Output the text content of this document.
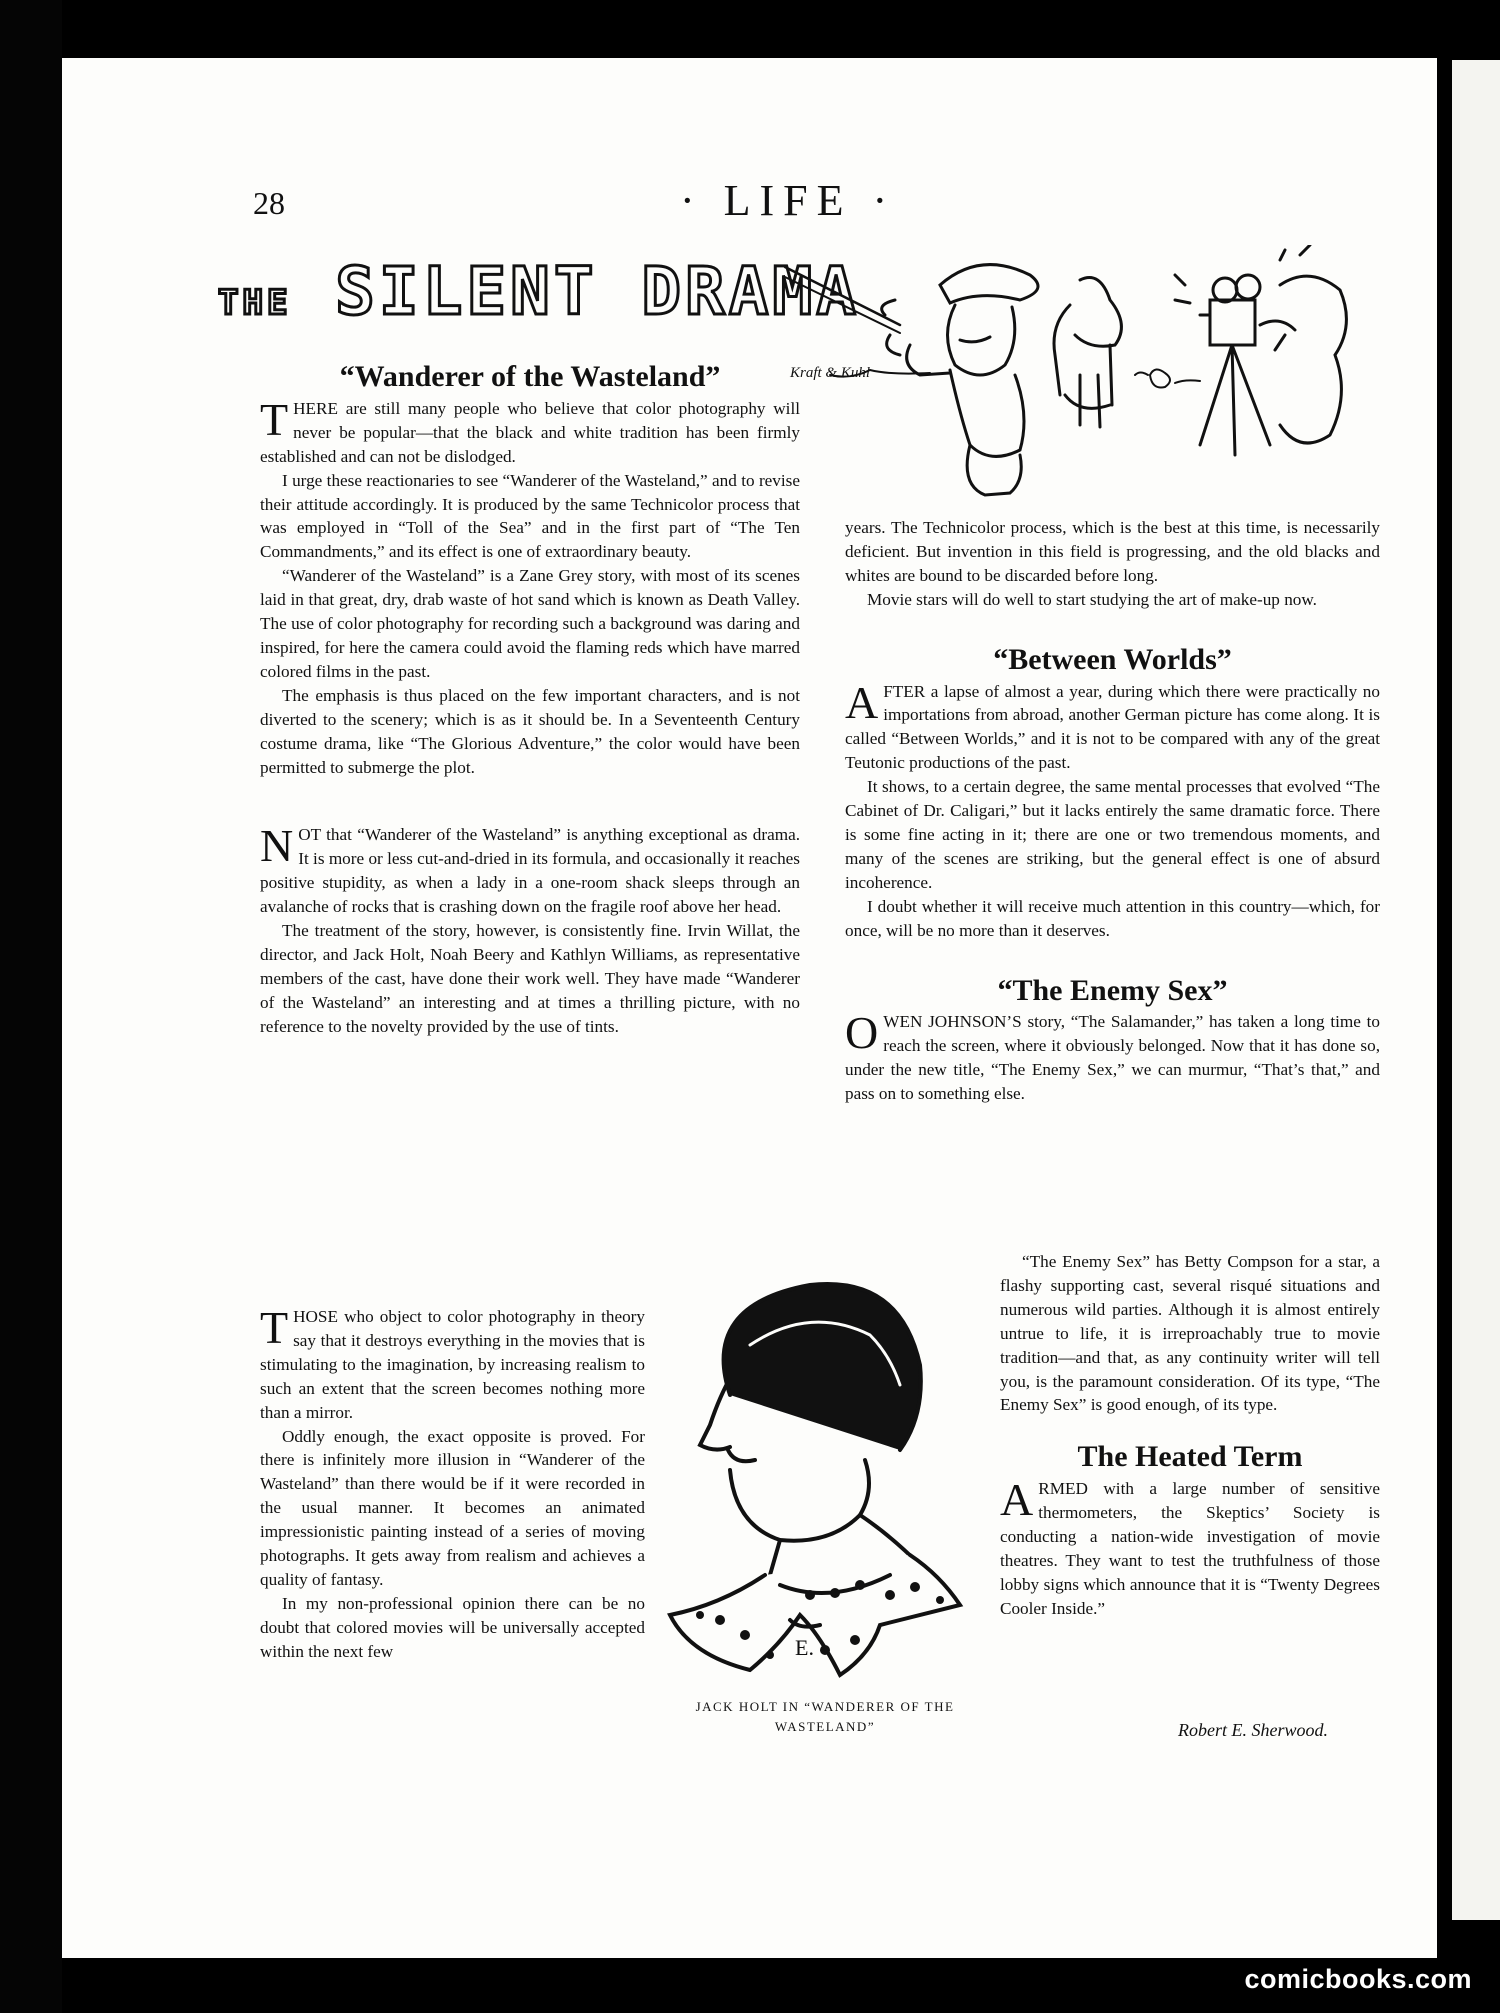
28	· LIFE ·
THE SILENT DRAMA
Kraft & Kuhl
“Wanderer of the Wasteland”

THERE are still many people who believe that color photography will never be popular—that the black and white tradition has been firmly established and can not be dislodged.

I urge these reactionaries to see “Wanderer of the Wasteland,” and to revise their attitude accordingly. It is produced by the same Technicolor process that was employed in “Toll of the Sea” and in the first part of “The Ten Commandments,” and its effect is one of extraordinary beauty.

“Wanderer of the Wasteland” is a Zane Grey story, with most of its scenes laid in that great, dry, drab waste of hot sand which is known as Death Valley. The use of color photography for recording such a background was daring and inspired, for here the camera could avoid the flaming reds which have marred colored films in the past.

The emphasis is thus placed on the few important characters, and is not diverted to the scenery; which is as it should be. In a Seventeenth Century costume drama, like “The Glorious Adventure,” the color would have been permitted to submerge the plot.

NOT that “Wanderer of the Wasteland” is anything exceptional as drama. It is more or less cut-and-dried in its formula, and occasionally it reaches positive stupidity, as when a lady in a one-room shack sleeps through an avalanche of rocks that is crashing down on the fragile roof above her head.

The treatment of the story, however, is consistently fine. Irvin Willat, the director, and Jack Holt, Noah Beery and Kathlyn Williams, as representative members of the cast, have done their work well. They have made “Wanderer of the Wasteland” an interesting and at times a thrilling picture, with no reference to the novelty provided by the use of tints.

THOSE who object to color photography in theory say that it destroys everything in the movies that is stimulating to the imagination, by increasing realism to such an extent that the screen becomes nothing more than a mirror.

Oddly enough, the exact opposite is proved. For there is infinitely more illusion in “Wanderer of the Wasteland” than there would be if it were recorded in the usual manner. It becomes an animated impressionistic painting instead of a series of moving photographs. It gets away from realism and achieves a quality of fantasy.

In my non-professional opinion there can be no doubt that colored movies will be universally accepted within the next few	E.
JACK HOLT IN “WANDERER OF THE
WASTELAND”

years. The Technicolor process, which is the best at this time, is necessarily deficient. But invention in this field is progressing, and the old blacks and whites are bound to be discarded before long.

Movie stars will do well to start studying the art of make-up now.

“Between Worlds”

AFTER a lapse of almost a year, during which there were practically no importations from abroad, another German picture has come along. It is called “Between Worlds,” and it is not to be compared with any of the great Teutonic productions of the past.

It shows, to a certain degree, the same mental processes that evolved “The Cabinet of Dr. Caligari,” but it lacks entirely the same dramatic force. There is some fine acting in it; there are one or two tremendous moments, and many of the scenes are striking, but the general effect is one of absurd incoherence.

I doubt whether it will receive much attention in this country—which, for once, will be no more than it deserves.

“The Enemy Sex”

OWEN JOHNSON’S story, “The Salamander,” has taken a long time to reach the screen, where it obviously belonged. Now that it has done so, under the new title, “The Enemy Sex,” we can murmur, “That’s that,” and pass on to something else.

“The Enemy Sex” has Betty Compson for a star, a flashy supporting cast, several risqué situations and numerous wild parties. Although it is almost entirely untrue to life, it is irreproachably true to movie tradition—and that, as any continuity writer will tell you, is the paramount consideration. Of its type, “The Enemy Sex” is good enough, of its type.

The Heated Term

ARMED with a large number of sensitive thermometers, the Skeptics’ Society is conducting a nation-wide investigation of movie theatres. They want to test the truthfulness of those lobby signs which announce that it is “Twenty Degrees Cooler Inside.”

Robert E. Sherwood.
comicbooks.com
